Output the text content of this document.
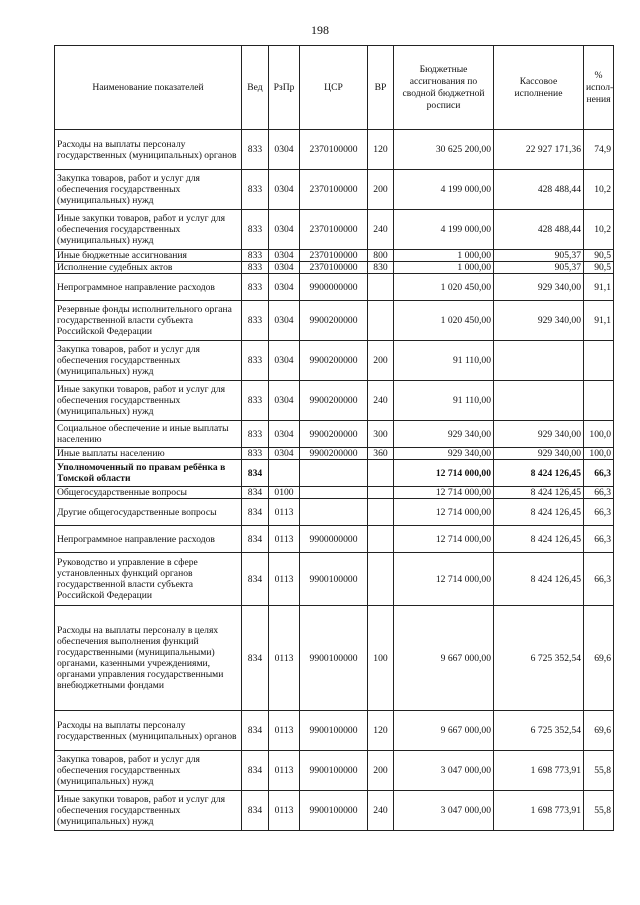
198
Наименование показателей	Вед	РзПр	ЦСР	ВР	Бюджетные ассигнования по сводной бюджетной росписи	Кассовое исполнение	% испол-нения
Расходы на выплаты персоналу государственных (муниципальных) органов	833	0304	2370100000	120	30 625 200,00	22 927 171,36	74,9
Закупка товаров, работ и услуг для обеспечения государственных (муниципальных) нужд	833	0304	2370100000	200	4 199 000,00	428 488,44	10,2
Иные закупки товаров, работ и услуг для обеспечения государственных (муниципальных) нужд	833	0304	2370100000	240	4 199 000,00	428 488,44	10,2
Иные бюджетные ассигнования	833	0304	2370100000	800	1 000,00	905,37	90,5
Исполнение судебных актов	833	0304	2370100000	830	1 000,00	905,37	90,5
Непрограммное направление расходов	833	0304	9900000000		1 020 450,00	929 340,00	91,1
Резервные фонды исполнительного органа государственной власти субъекта Российской Федерации	833	0304	9900200000		1 020 450,00	929 340,00	91,1
Закупка товаров, работ и услуг для обеспечения государственных (муниципальных) нужд	833	0304	9900200000	200	91 110,00		
Иные закупки товаров, работ и услуг для обеспечения государственных (муниципальных) нужд	833	0304	9900200000	240	91 110,00		
Социальное обеспечение и иные выплаты населению	833	0304	9900200000	300	929 340,00	929 340,00	100,0
Иные выплаты населению	833	0304	9900200000	360	929 340,00	929 340,00	100,0
Уполномоченный по правам ребёнка в Томской области	834				12 714 000,00	8 424 126,45	66,3
Общегосударственные вопросы	834	0100			12 714 000,00	8 424 126,45	66,3
Другие общегосударственные вопросы	834	0113			12 714 000,00	8 424 126,45	66,3
Непрограммное направление расходов	834	0113	9900000000		12 714 000,00	8 424 126,45	66,3
Руководство и управление в сфере установленных функций органов государственной власти субъекта Российской Федерации	834	0113	9900100000		12 714 000,00	8 424 126,45	66,3
Расходы на выплаты персоналу в целях обеспечения выполнения функций государственными (муниципальными) органами, казенными учреждениями, органами управления государственными внебюджетными фондами	834	0113	9900100000	100	9 667 000,00	6 725 352,54	69,6
Расходы на выплаты персоналу государственных (муниципальных) органов	834	0113	9900100000	120	9 667 000,00	6 725 352,54	69,6
Закупка товаров, работ и услуг для обеспечения государственных (муниципальных) нужд	834	0113	9900100000	200	3 047 000,00	1 698 773,91	55,8
Иные закупки товаров, работ и услуг для обеспечения государственных (муниципальных) нужд	834	0113	9900100000	240	3 047 000,00	1 698 773,91	55,8
